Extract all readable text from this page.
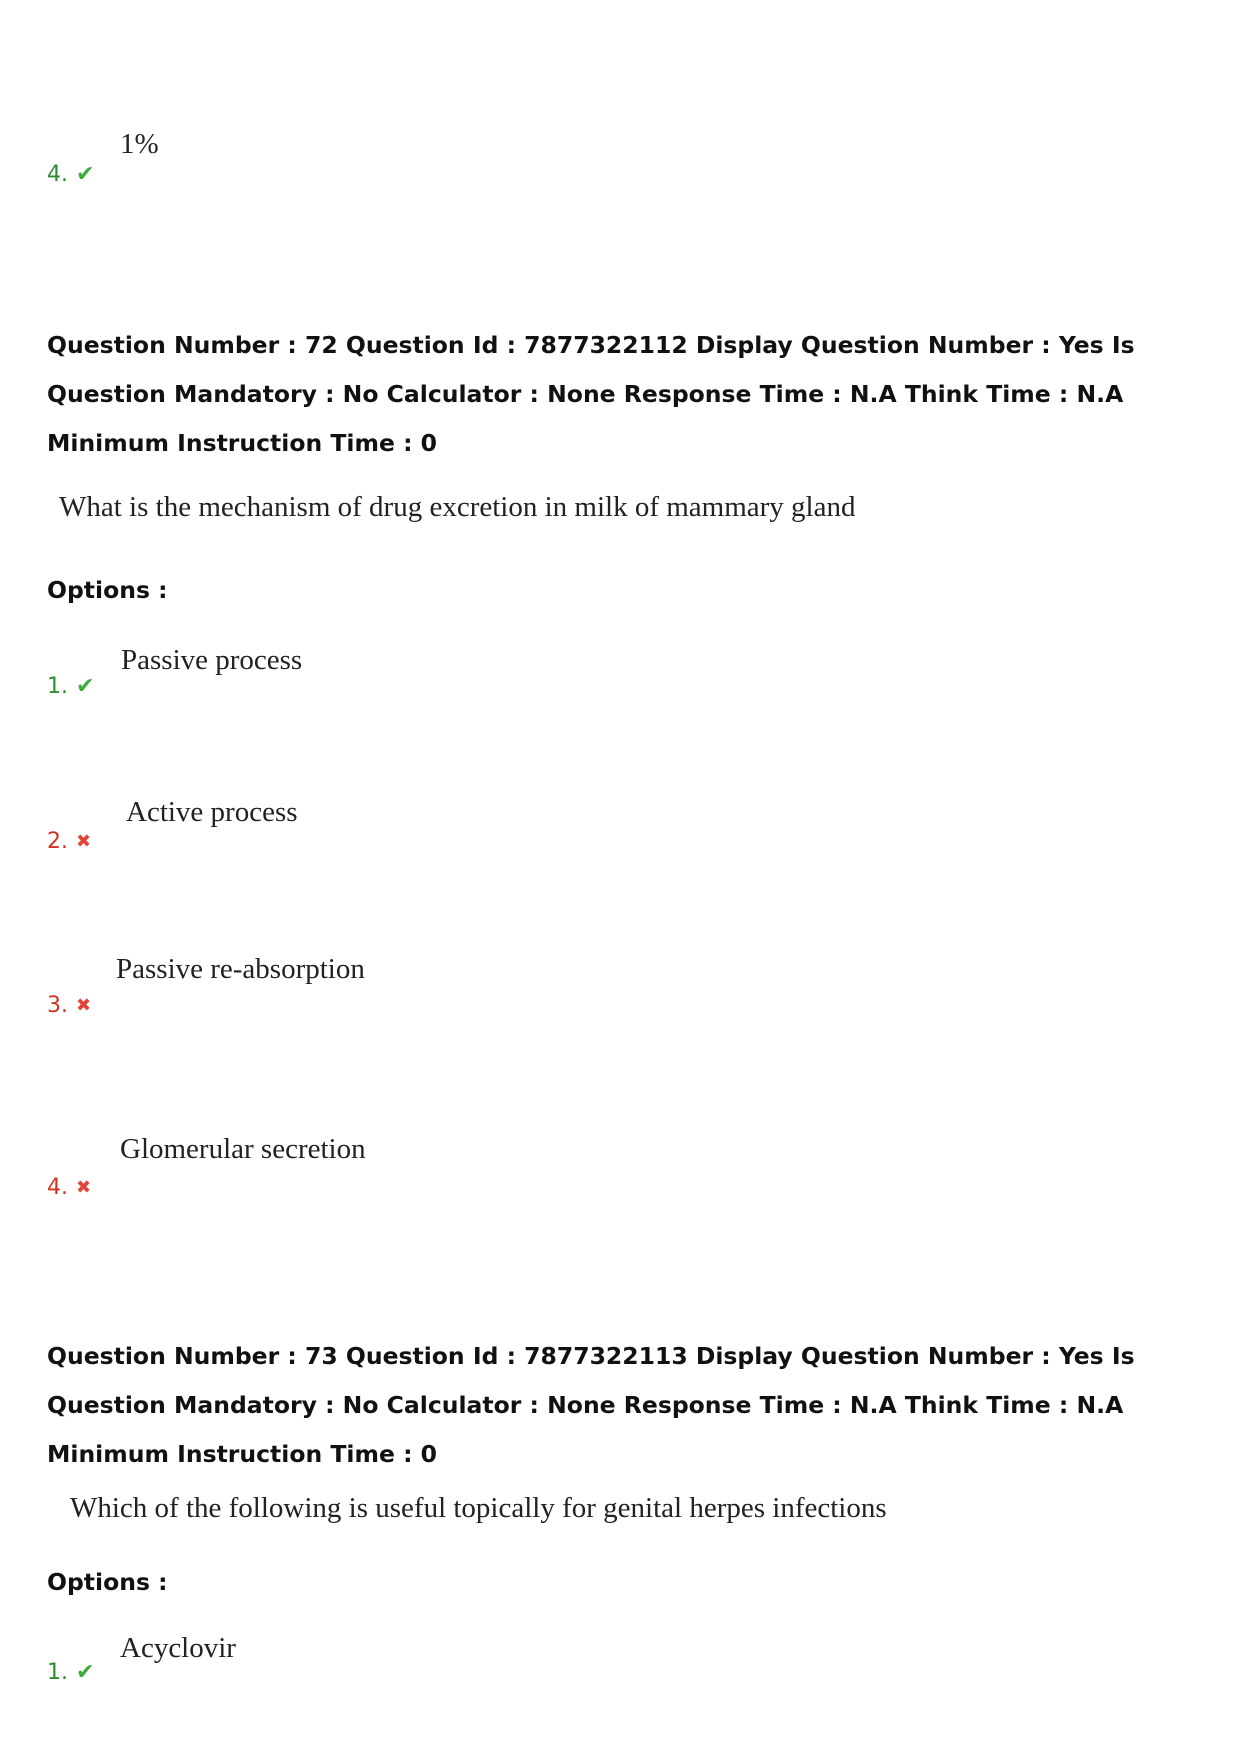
4. ✔
1%
Question Number : 72 Question Id : 7877322112 Display Question Number : Yes Is Question Mandatory : No Calculator : None Response Time : N.A Think Time : N.A Minimum Instruction Time : 0
What is the mechanism of drug excretion in milk of mammary gland
Options :
1. ✔
Passive process
2. ✖
Active process
3. ✖
Passive re-absorption
4. ✖
Glomerular secretion
Question Number : 73 Question Id : 7877322113 Display Question Number : Yes Is Question Mandatory : No Calculator : None Response Time : N.A Think Time : N.A Minimum Instruction Time : 0
Which of the following is useful topically for genital herpes infections
Options :
1. ✔
Acyclovir
